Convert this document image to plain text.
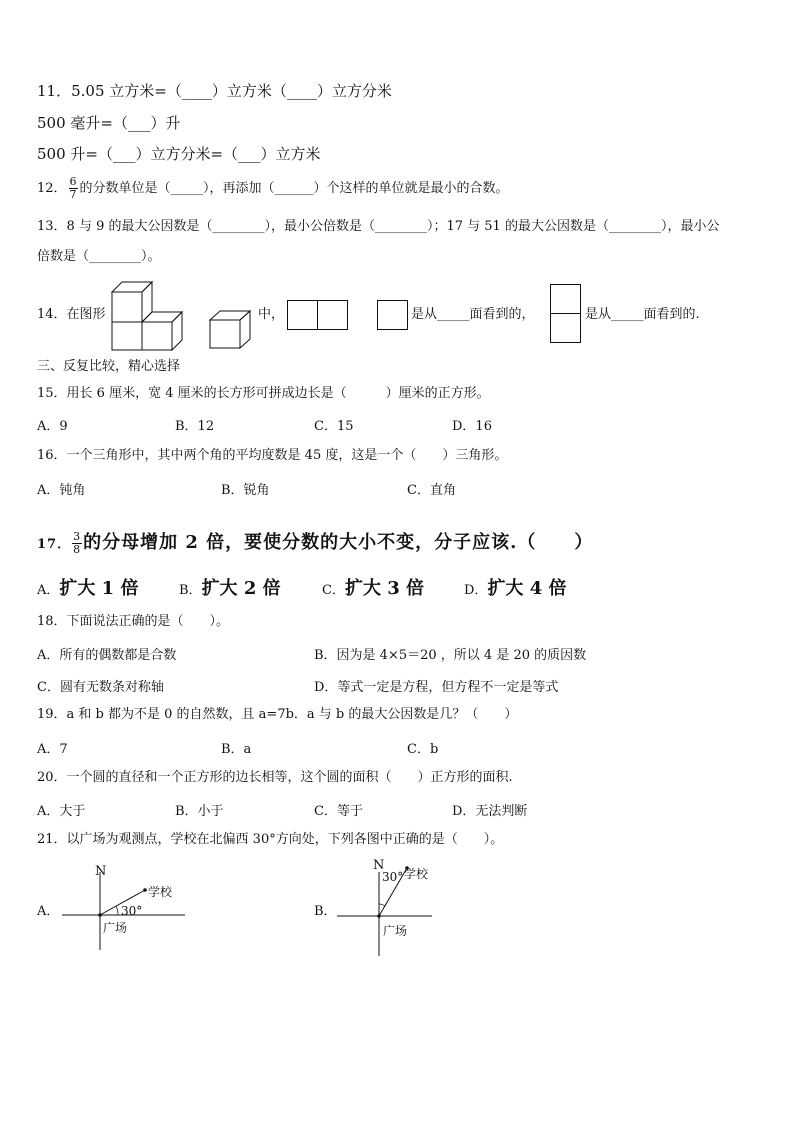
11．5.05 立方米=（____）立方米（____）立方分米
500 毫升=（___）升
500 升=（___）立方分米=（___）立方米
12． $\frac{6}{7}$ 的分数单位是（_____），再添加（______）个这样的单位就是最小的合数。
13．8 与 9 的最大公因数是（________），最小公倍数是（________）；17 与 51 的最大公因数是（________），最小公
倍数是（________）。
14．在图形	中，	是从_____面看到的，	是从_____面看到的.
三、反复比较，精心选择
15．用长 6 厘米，宽 4 厘米的长方形可拼成边长是（　　　）厘米的正方形。
A．9	B．12	C．15	D．16
16．一个三角形中，其中两个角的平均度数是 45 度，这是一个（　　）三角形。
A．钝角	B．锐角	C．直角
17． $\frac{3}{8}$ 的分母增加 2 倍，要使分数的大小不变，分子应该.（　　）
A．扩大 1 倍	B．扩大 2 倍	C．扩大 3 倍	D．扩大 4 倍
18．下面说法正确的是（　　）。
A．所有的偶数都是合数	B．因为是 4×5＝20 ，所以 4 是 20 的质因数
C．圆有无数条对称轴	D．等式一定是方程，但方程不一定是等式
19．a 和 b 都为不是 0 的自然数，且 a=7b．a 与 b 的最大公因数是几？（　　）
A．7	B．a	C．b
20．一个圆的直径和一个正方形的边长相等，这个圆的面积（　　）正方形的面积.
A．大于	B．小于	C．等于	D．无法判断
21．以广场为观测点，学校在北偏西 30°方向处，下列各图中正确的是（　　）。
A．
N
学校
30°
广场
B．
N
学校
30°
广场
